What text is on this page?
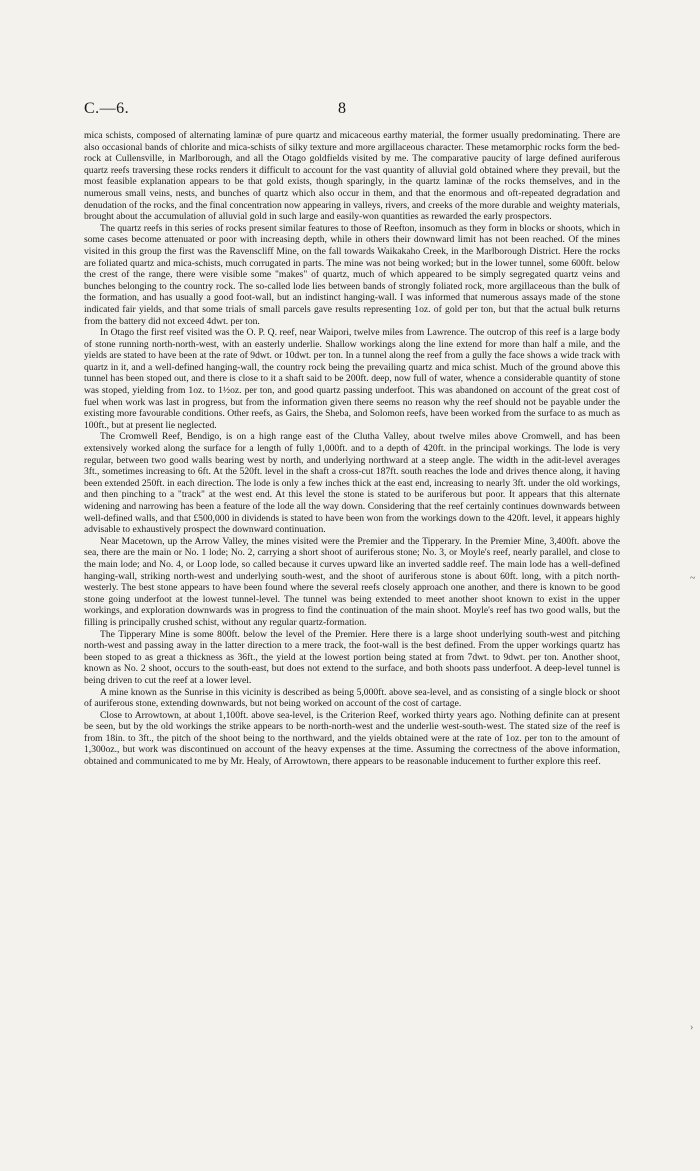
C.—6.	8

mica schists, composed of alternating laminæ of pure quartz and micaceous earthy material, the former usually predominating. There are also occasional bands of chlorite and mica-schists of silky texture and more argillaceous character. These metamorphic rocks form the bed-rock at Cullensville, in Marlborough, and all the Otago goldfields visited by me. The comparative paucity of large defined auriferous quartz reefs traversing these rocks renders it difficult to account for the vast quantity of alluvial gold obtained where they prevail, but the most feasible explanation appears to be that gold exists, though sparingly, in the quartz laminæ of the rocks themselves, and in the numerous small veins, nests, and bunches of quartz which also occur in them, and that the enormous and oft-repeated degradation and denudation of the rocks, and the final concentration now appearing in valleys, rivers, and creeks of the more durable and weighty materials, brought about the accumulation of alluvial gold in such large and easily-won quantities as rewarded the early prospectors.

The quartz reefs in this series of rocks present similar features to those of Reefton, insomuch as they form in blocks or shoots, which in some cases become attenuated or poor with increasing depth, while in others their downward limit has not been reached. Of the mines visited in this group the first was the Ravenscliff Mine, on the fall towards Waikakaho Creek, in the Marlborough District. Here the rocks are foliated quartz and mica-schists, much corrugated in parts. The mine was not being worked; but in the lower tunnel, some 600ft. below the crest of the range, there were visible some "makes" of quartz, much of which appeared to be simply segregated quartz veins and bunches belonging to the country rock. The so-called lode lies between bands of strongly foliated rock, more argillaceous than the bulk of the formation, and has usually a good foot-wall, but an indistinct hanging-wall. I was informed that numerous assays made of the stone indicated fair yields, and that some trials of small parcels gave results representing 1oz. of gold per ton, but that the actual bulk returns from the battery did not exceed 4dwt. per ton.

In Otago the first reef visited was the O. P. Q. reef, near Waipori, twelve miles from Lawrence. The outcrop of this reef is a large body of stone running north-north-west, with an easterly underlie. Shallow workings along the line extend for more than half a mile, and the yields are stated to have been at the rate of 9dwt. or 10dwt. per ton. In a tunnel along the reef from a gully the face shows a wide track with quartz in it, and a well-defined hanging-wall, the country rock being the prevailing quartz and mica schist. Much of the ground above this tunnel has been stoped out, and there is close to it a shaft said to be 200ft. deep, now full of water, whence a considerable quantity of stone was stoped, yielding from 1oz. to 1½oz. per ton, and good quartz passing underfoot. This was abandoned on account of the great cost of fuel when work was last in progress, but from the information given there seems no reason why the reef should not be payable under the existing more favourable conditions. Other reefs, as Gairs, the Sheba, and Solomon reefs, have been worked from the surface to as much as 100ft., but at present lie neglected.

The Cromwell Reef, Bendigo, is on a high range east of the Clutha Valley, about twelve miles above Cromwell, and has been extensively worked along the surface for a length of fully 1,000ft. and to a depth of 420ft. in the principal workings. The lode is very regular, between two good walls bearing west by north, and underlying northward at a steep angle. The width in the adit-level averages 3ft., sometimes increasing to 6ft. At the 520ft. level in the shaft a cross-cut 187ft. south reaches the lode and drives thence along, it having been extended 250ft. in each direction. The lode is only a few inches thick at the east end, increasing to nearly 3ft. under the old workings, and then pinching to a "track" at the west end. At this level the stone is stated to be auriferous but poor. It appears that this alternate widening and narrowing has been a feature of the lode all the way down. Considering that the reef certainly continues downwards between well-defined walls, and that £500,000 in dividends is stated to have been won from the workings down to the 420ft. level, it appears highly advisable to exhaustively prospect the downward continuation.

Near Macetown, up the Arrow Valley, the mines visited were the Premier and the Tipperary. In the Premier Mine, 3,400ft. above the sea, there are the main or No. 1 lode; No. 2, carrying a short shoot of auriferous stone; No. 3, or Moyle's reef, nearly parallel, and close to the main lode; and No. 4, or Loop lode, so called because it curves upward like an inverted saddle reef. The main lode has a well-defined hanging-wall, striking north-west and underlying south-west, and the shoot of auriferous stone is about 60ft. long, with a pitch north-westerly. The best stone appears to have been found where the several reefs closely approach one another, and there is known to be good stone going underfoot at the lowest tunnel-level. The tunnel was being extended to meet another shoot known to exist in the upper workings, and exploration downwards was in progress to find the continuation of the main shoot. Moyle's reef has two good walls, but the filling is principally crushed schist, without any regular quartz-formation.

The Tipperary Mine is some 800ft. below the level of the Premier. Here there is a large shoot underlying south-west and pitching north-west and passing away in the latter direction to a mere track, the foot-wall is the best defined. From the upper workings quartz has been stoped to as great a thickness as 36ft., the yield at the lowest portion being stated at from 7dwt. to 9dwt. per ton. Another shoot, known as No. 2 shoot, occurs to the south-east, but does not extend to the surface, and both shoots pass underfoot. A deep-level tunnel is being driven to cut the reef at a lower level.

A mine known as the Sunrise in this vicinity is described as being 5,000ft. above sea-level, and as consisting of a single block or shoot of auriferous stone, extending downwards, but not being worked on account of the cost of cartage.

Close to Arrowtown, at about 1,100ft. above sea-level, is the Criterion Reef, worked thirty years ago. Nothing definite can at present be seen, but by the old workings the strike appears to be north-north-west and the underlie west-south-west. The stated size of the reef is from 18in. to 3ft., the pitch of the shoot being to the northward, and the yields obtained were at the rate of 1oz. per ton to the amount of 1,300oz., but work was discontinued on account of the heavy expenses at the time. Assuming the correctness of the above information, obtained and communicated to me by Mr. Healy, of Arrowtown, there appears to be reasonable inducement to further explore this reef.

~
›
